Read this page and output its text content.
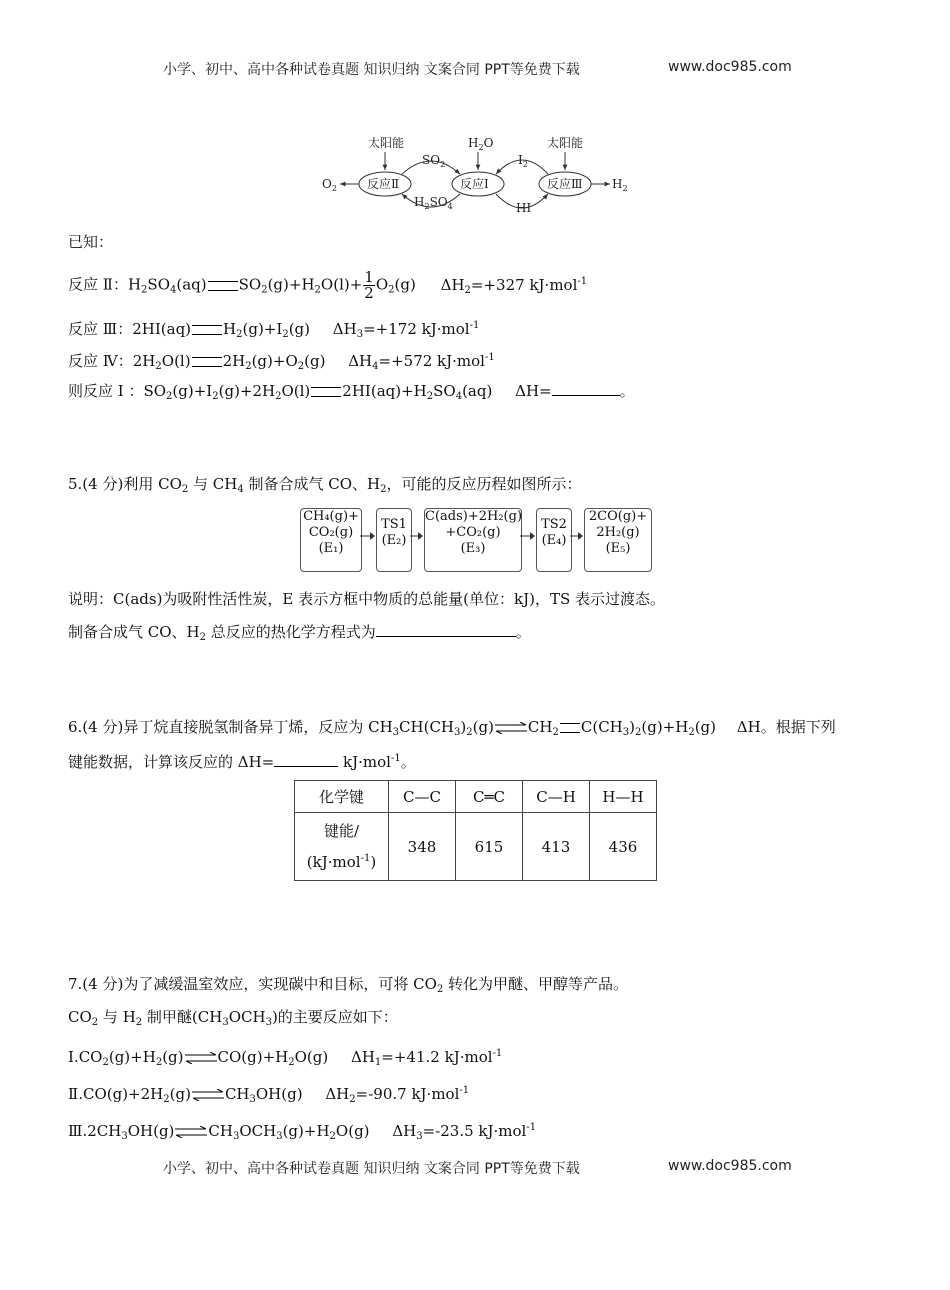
小学、初中、高中各种试卷真题 知识归纳 文案合同 PPT等免费下载	www.doc985.com
反应Ⅱ	反应Ⅰ	反应Ⅲ
太阳能	太阳能
$H_2O$
$O_2$	$H_2$
$SO_2$
$H_2SO_4$
$I_2$
HI
已知：
反应 Ⅱ：$H_2SO_4(aq)$ $SO_2(g)+H_2O(l)+ \frac{1}{2} O_2(g)$ $\Delta H_2=+327$ kJ·mol$^{-1}$
反应 Ⅲ：2HI(aq) $H_2(g)+I_2(g)$ $\Delta H_3=+172$ kJ·mol$^{-1}$
反应 Ⅳ：$2H_2O(l)$ $2H_2(g)+O_2(g)$ $\Delta H_4=+572$ kJ·mol$^{-1}$
则反应 Ⅰ ：$SO_2(g)+I_2(g)+2H_2O(l)$ $2HI(aq)+H_2SO_4(aq)$ ΔH=	。
5.(4 分)利用 $CO_2$ 与 $CH_4$ 制备合成气 CO、$H_2$，可能的反应历程如图所示：
CH₄(g)+
CO₂(g)
(E₁)
TS1
(E₂)
C(ads)+2H₂(g)
+CO₂(g)
(E₃)
TS2
(E₄)
2CO(g)+
2H₂(g)
(E₅)
说明：C(ads)为吸附性活性炭，E 表示方框中物质的总能量(单位：kJ)，TS 表示过渡态。
制备合成气 CO、$H_2$ 总反应的热化学方程式为	。
6.(4 分)异丁烷直接脱氢制备异丁烯，反应为 $CH_3CH(CH_3)_2(g)\rightleftharpoons CH_2$ $C(CH_3)_2(g)+H_2(g)$ ΔH。根据下列
键能数据，计算该反应的 ΔH=	kJ·mol$^{-1}$。
化学键	C—C	C═C	C—H	H—H
键能/
(kJ·mol$^{-1}$)	348	615	413	436
7.(4 分)为了减缓温室效应，实现碳中和目标，可将 $CO_2$ 转化为甲醚、甲醇等产品。
$CO_2$ 与 $H_2$ 制甲醚$(CH_3OCH_3)$的主要反应如下：
$Ⅰ.CO_2(g)+H_2(g)\rightleftharpoons CO(g)+H_2O(g)$ $\Delta H_1=+41.2$ kJ·mol$^{-1}$
$Ⅱ.CO(g)+2H_2(g)\rightleftharpoons CH_3OH(g)$ $\Delta H_2=-90.7$ kJ·mol$^{-1}$
$Ⅲ.2CH_3OH(g)\rightleftharpoons CH_3OCH_3(g)+H_2O(g)$ $\Delta H_3=-23.5$ kJ·mol$^{-1}$
小学、初中、高中各种试卷真题 知识归纳 文案合同 PPT等免费下载	www.doc985.com
